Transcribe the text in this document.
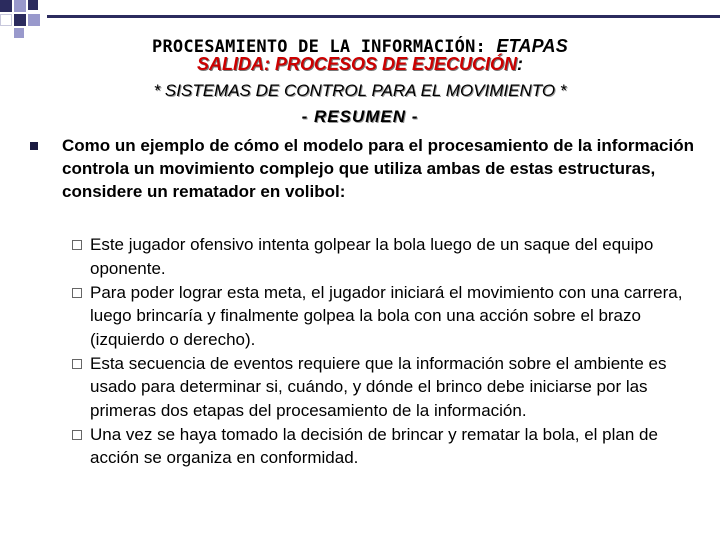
PROCESAMIENTO DE LA INFORMACIÓN: ETAPAS
SALIDA: PROCESOS DE EJECUCIÓN:
* SISTEMAS DE CONTROL PARA EL MOVIMIENTO *
- RESUMEN -
Como un ejemplo de cómo el modelo para el procesamiento de la información controla un movimiento complejo que utiliza ambas de estas estructuras, considere un rematador en volibol:
Este jugador ofensivo intenta golpear la bola luego de un saque del equipo oponente.
Para poder lograr esta meta, el jugador iniciará el movimiento con una carrera, luego brincaría y finalmente golpea la bola con una acción sobre el brazo (izquierdo o derecho).
Esta secuencia de eventos requiere que la información sobre el ambiente es usado para determinar si, cuándo, y dónde el brinco debe iniciarse por las primeras dos etapas del procesamiento de la información.
Una vez se haya tomado la decisión de brincar y rematar la bola, el plan de acción se organiza en conformidad.
